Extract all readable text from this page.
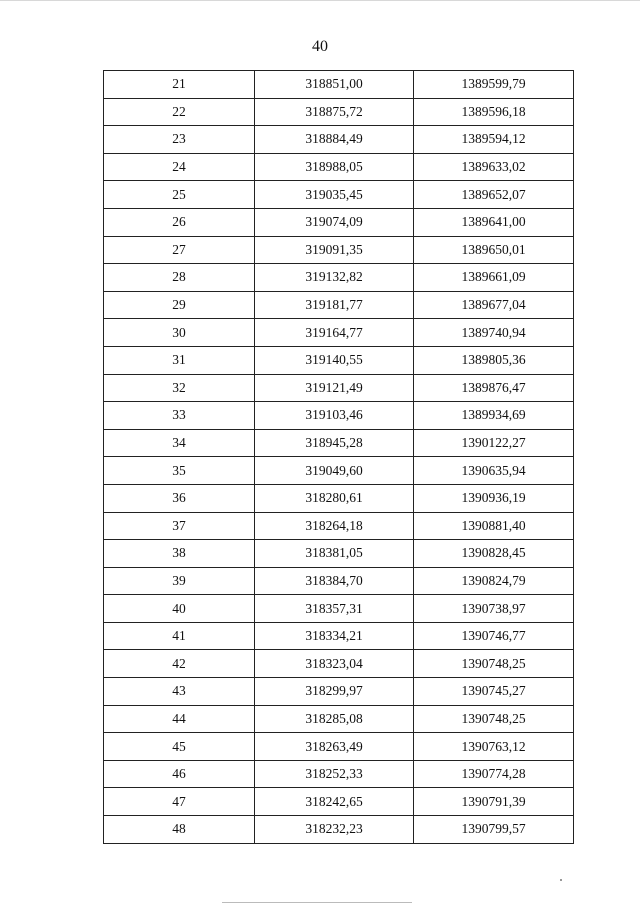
40
21	318851,00	1389599,79
22	318875,72	1389596,18
23	318884,49	1389594,12
24	318988,05	1389633,02
25	319035,45	1389652,07
26	319074,09	1389641,00
27	319091,35	1389650,01
28	319132,82	1389661,09
29	319181,77	1389677,04
30	319164,77	1389740,94
31	319140,55	1389805,36
32	319121,49	1389876,47
33	319103,46	1389934,69
34	318945,28	1390122,27
35	319049,60	1390635,94
36	318280,61	1390936,19
37	318264,18	1390881,40
38	318381,05	1390828,45
39	318384,70	1390824,79
40	318357,31	1390738,97
41	318334,21	1390746,77
42	318323,04	1390748,25
43	318299,97	1390745,27
44	318285,08	1390748,25
45	318263,49	1390763,12
46	318252,33	1390774,28
47	318242,65	1390791,39
48	318232,23	1390799,57
